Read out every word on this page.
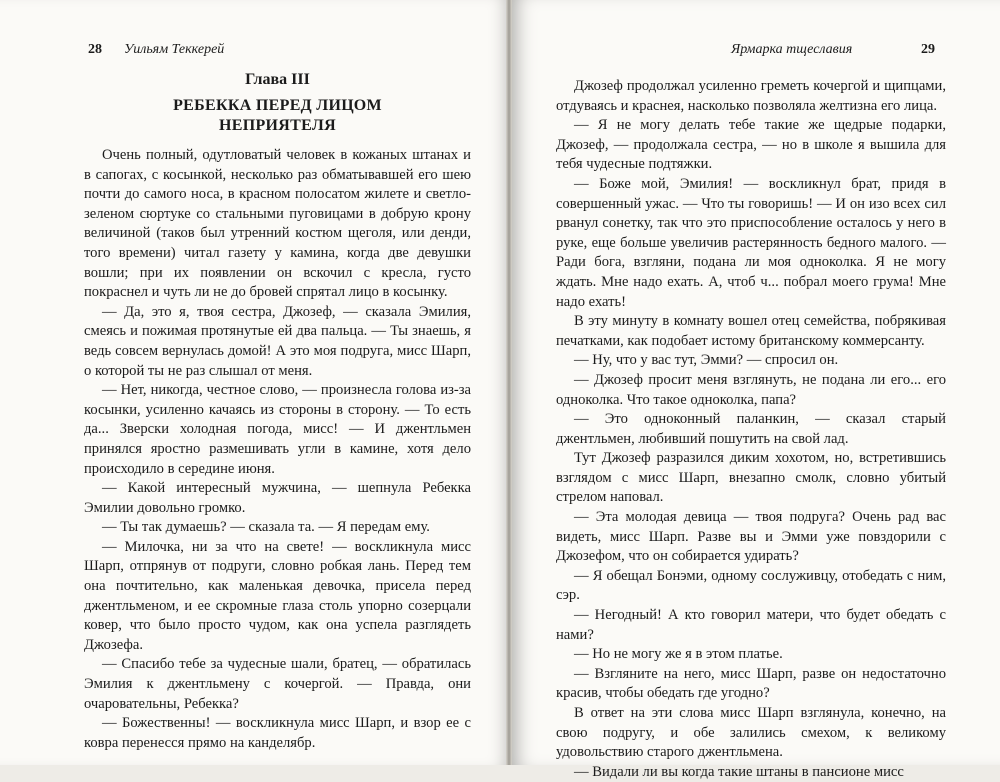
28 Уильям Теккерей
Глава III
РЕБЕККА ПЕРЕД ЛИЦОМ
НЕПРИЯТЕЛЯ

Очень полный, одутловатый человек в кожаных штанах и в сапогах, с косынкой, несколько раз обматывавшей его шею почти до самого носа, в красном полосатом жилете и светло-зеленом сюртуке со стальными пуговицами в добрую крону величиной (таков был утренний костюм щеголя, или денди, того времени) читал газету у камина, когда две девушки вошли; при их появлении он вскочил с кресла, густо покраснел и чуть ли не до бровей спрятал лицо в косынку.

— Да, это я, твоя сестра, Джозеф, — сказала Эмилия, смеясь и пожимая протянутые ей два пальца. — Ты знаешь, я ведь совсем вернулась домой! А это моя подруга, мисс Шарп, о которой ты не раз слышал от меня.

— Нет, никогда, честное слово, — произнесла голова из-за косынки, усиленно качаясь из стороны в сторону. — То есть да... Зверски холодная погода, мисс! — И джентльмен принялся яростно размешивать угли в камине, хотя дело происходило в середине июня.

— Какой интересный мужчина, — шепнула Ребекка Эмилии довольно громко.

— Ты так думаешь? — сказала та. — Я передам ему.

— Милочка, ни за что на свете! — воскликнула мисс Шарп, отпрянув от подруги, словно робкая лань. Перед тем она почтительно, как маленькая девочка, присела перед джентльменом, и ее скромные глаза столь упорно созерцали ковер, что было просто чудом, как она успела разглядеть Джозефа.

— Спасибо тебе за чудесные шали, братец, — обратилась Эмилия к джентльмену с кочергой. — Правда, они очаровательны, Ребекка?

— Божественны! — воскликнула мисс Шарп, и взор ее с ковра перенесся прямо на канделябр.

Ярмарка тщеславия	29

Джозеф продолжал усиленно греметь кочергой и щипцами, отдуваясь и краснея, насколько позволяла желтизна его лица.

— Я не могу делать тебе такие же щедрые подарки, Джозеф, — продолжала сестра, — но в школе я вышила для тебя чудесные подтяжки.

— Боже мой, Эмилия! — воскликнул брат, придя в совершенный ужас. — Что ты говоришь! — И он изо всех сил рванул сонетку, так что это приспособление осталось у него в руке, еще больше увеличив растерянность бедного малого. — Ради бога, взгляни, подана ли моя одноколка. Я не могу ждать. Мне надо ехать. А, чтоб ч... побрал моего грума! Мне надо ехать!

В эту минуту в комнату вошел отец семейства, побрякивая печатками, как подобает истому британскому коммерсанту.

— Ну, что у вас тут, Эмми? — спросил он.

— Джозеф просит меня взглянуть, не подана ли его... его одноколка. Что такое одноколка, папа?

— Это одноконный паланкин, — сказал старый джентльмен, любивший пошутить на свой лад.

Тут Джозеф разразился диким хохотом, но, встретившись взглядом с мисс Шарп, внезапно смолк, словно убитый стрелом наповал.

— Эта молодая девица — твоя подруга? Очень рад вас видеть, мисс Шарп. Разве вы и Эмми уже повздорили с Джозефом, что он собирается удирать?

— Я обещал Бонэми, одному сослуживцу, отобедать с ним, сэр.

— Негодный! А кто говорил матери, что будет обедать с нами?

— Но не могу же я в этом платье.

— Взгляните на него, мисс Шарп, разве он недостаточно красив, чтобы обедать где угодно?

В ответ на эти слова мисс Шарп взглянула, конечно, на свою подругу, и обе залились смехом, к великому удовольствию старого джентльмена.

— Видали ли вы когда такие штаны в пансионе мисс
